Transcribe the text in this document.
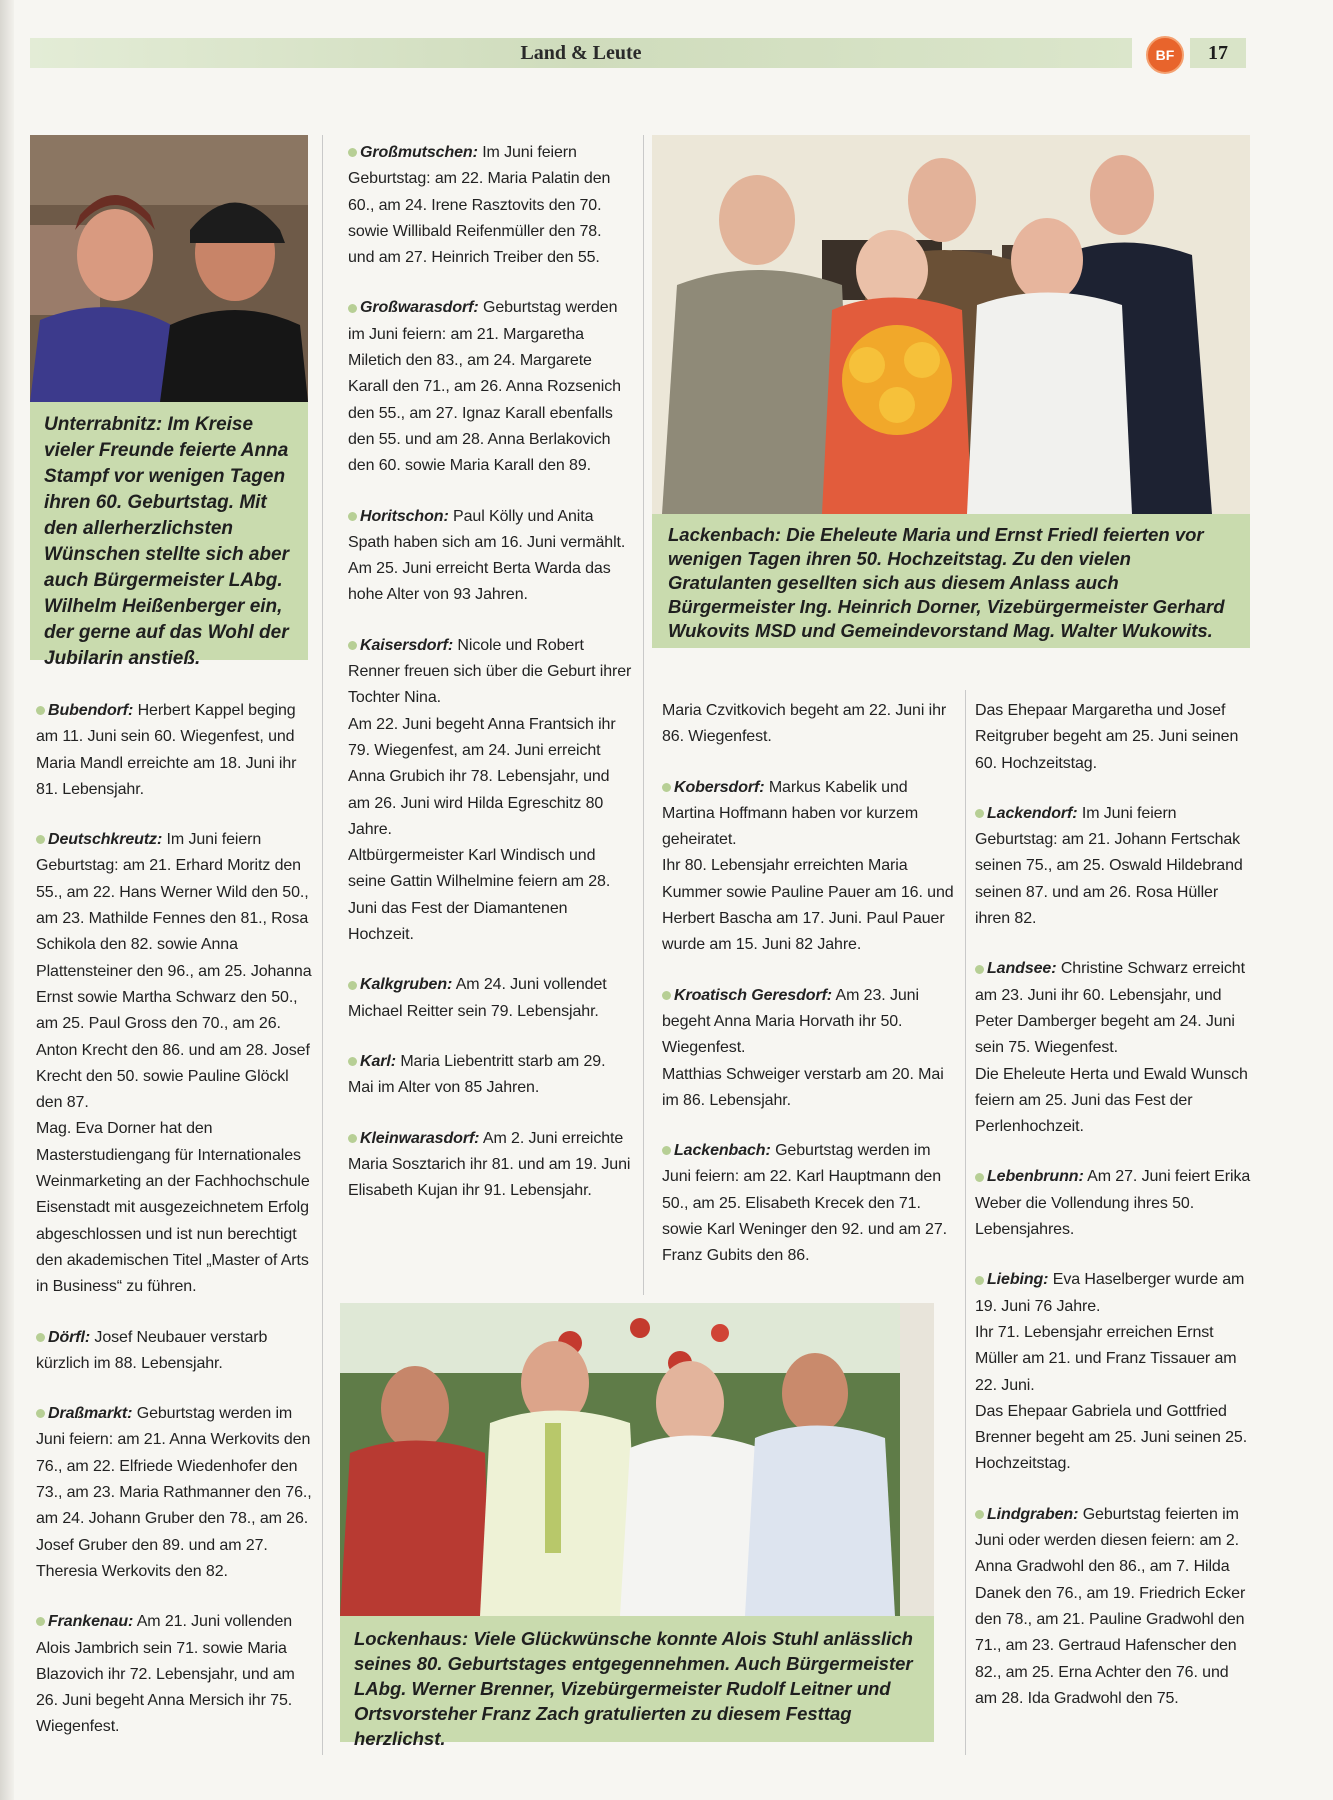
Land & Leute	BF	17
Unterrabnitz: Im Kreise vieler Freunde feierte Anna Stampf vor wenigen Tagen ihren 60. Geburtstag. Mit den allerherzlichsten Wünschen stellte sich aber auch Bürgermeister LAbg. Wilhelm Heißenberger ein, der gerne auf das Wohl der Jubilarin anstieß.
Lackenbach: Die Eheleute Maria und Ernst Friedl feierten vor wenigen Tagen ihren 50. Hochzeitstag. Zu den vielen Gratulanten gesellten sich aus diesem Anlass auch Bürgermeister Ing. Heinrich Dorner, Vizebürgermeister Gerhard Wukovits MSD und Gemeindevorstand Mag. Walter Wukowits.
Lockenhaus: Viele Glückwünsche konnte Alois Stuhl anlässlich seines 80. Geburtstages entgegennehmen. Auch Bürgermeister LAbg. Werner Brenner, Vizebürgermeister Rudolf Leitner und Ortsvorsteher Franz Zach gratulierten zu diesem Festtag herzlichst.

Bubendorf: Herbert Kappel beging am 11. Juni sein 60. Wiegenfest, und Maria Mandl erreichte am 18. Juni ihr 81. Lebensjahr.

Deutschkreutz: Im Juni feiern Geburtstag: am 21. Erhard Moritz den 55., am 22. Hans Werner Wild den 50., am 23. Mathilde Fennes den 81., Rosa Schikola den 82. sowie Anna Plattensteiner den 96., am 25. Johanna Ernst sowie Martha Schwarz den 50., am 25. Paul Gross den 70., am 26. Anton Krecht den 86. und am 28. Josef Krecht den 50. sowie Pauline Glöckl den 87.

Mag. Eva Dorner hat den Masterstudiengang für Internationales Weinmarketing an der Fachhochschule Eisenstadt mit ausgezeichnetem Erfolg abgeschlossen und ist nun berechtigt den akademischen Titel „Master of Arts in Business“ zu führen.

Dörfl: Josef Neubauer verstarb kürzlich im 88. Lebensjahr.

Draßmarkt: Geburtstag werden im Juni feiern: am 21. Anna Werkovits den 76., am 22. Elfriede Wiedenhofer den 73., am 23. Maria Rathmanner den 76., am 24. Johann Gruber den 78., am 26. Josef Gruber den 89. und am 27. Theresia Werkovits den 82.

Frankenau: Am 21. Juni vollenden Alois Jambrich sein 71. sowie Maria Blazovich ihr 72. Lebensjahr, und am 26. Juni begeht Anna Mersich ihr 75. Wiegenfest.

Großmutschen: Im Juni feiern Geburtstag: am 22. Maria Palatin den 60., am 24. Irene Rasztovits den 70. sowie Willibald Reifenmüller den 78. und am 27. Heinrich Treiber den 55.

Großwarasdorf: Geburtstag werden im Juni feiern: am 21. Margaretha Miletich den 83., am 24. Margarete Karall den 71., am 26. Anna Rozsenich den 55., am 27. Ignaz Karall ebenfalls den 55. und am 28. Anna Berlakovich den 60. sowie Maria Karall den 89.

Horitschon: Paul Kölly und Anita Spath haben sich am 16. Juni vermählt.

Am 25. Juni erreicht Berta Warda das hohe Alter von 93 Jahren.

Kaisersdorf: Nicole und Robert Renner freuen sich über die Geburt ihrer Tochter Nina.

Am 22. Juni begeht Anna Frantsich ihr 79. Wiegenfest, am 24. Juni erreicht Anna Grubich ihr 78. Lebensjahr, und am 26. Juni wird Hilda Egreschitz 80 Jahre.

Altbürgermeister Karl Windisch und seine Gattin Wilhelmine feiern am 28. Juni das Fest der Diamantenen Hochzeit.

Kalkgruben: Am 24. Juni vollendet Michael Reitter sein 79. Lebensjahr.

Karl: Maria Liebentritt starb am 29. Mai im Alter von 85 Jahren.

Kleinwarasdorf: Am 2. Juni erreichte Maria Sosztarich ihr 81. und am 19. Juni Elisabeth Kujan ihr 91. Lebensjahr.

Maria Czvitkovich begeht am 22. Juni ihr 86. Wiegenfest.

Kobersdorf: Markus Kabelik und Martina Hoffmann haben vor kurzem geheiratet.

Ihr 80. Lebensjahr erreichten Maria Kummer sowie Pauline Pauer am 16. und Herbert Bascha am 17. Juni. Paul Pauer wurde am 15. Juni 82 Jahre.

Kroatisch Geresdorf: Am 23. Juni begeht Anna Maria Horvath ihr 50. Wiegenfest.

Matthias Schweiger verstarb am 20. Mai im 86. Lebensjahr.

Lackenbach: Geburtstag werden im Juni feiern: am 22. Karl Hauptmann den 50., am 25. Elisabeth Krecek den 71. sowie Karl Weninger den 92. und am 27. Franz Gubits den 86.

Das Ehepaar Margaretha und Josef Reitgruber begeht am 25. Juni seinen 60. Hochzeitstag.

Lackendorf: Im Juni feiern Geburtstag: am 21. Johann Fertschak seinen 75., am 25. Oswald Hildebrand seinen 87. und am 26. Rosa Hüller ihren 82.

Landsee: Christine Schwarz erreicht am 23. Juni ihr 60. Lebensjahr, und Peter Damberger begeht am 24. Juni sein 75. Wiegenfest.

Die Eheleute Herta und Ewald Wunsch feiern am 25. Juni das Fest der Perlenhochzeit.

Lebenbrunn: Am 27. Juni feiert Erika Weber die Vollendung ihres 50. Lebensjahres.

Liebing: Eva Haselberger wurde am 19. Juni 76 Jahre.

Ihr 71. Lebensjahr erreichen Ernst Müller am 21. und Franz Tissauer am 22. Juni.

Das Ehepaar Gabriela und Gottfried Brenner begeht am 25. Juni seinen 25. Hochzeitstag.

Lindgraben: Geburtstag feierten im Juni oder werden diesen feiern: am 2. Anna Gradwohl den 86., am 7. Hilda Danek den 76., am 19. Friedrich Ecker den 78., am 21. Pauline Gradwohl den 71., am 23. Gertraud Hafenscher den 82., am 25. Erna Achter den 76. und am 28. Ida Gradwohl den 75.
